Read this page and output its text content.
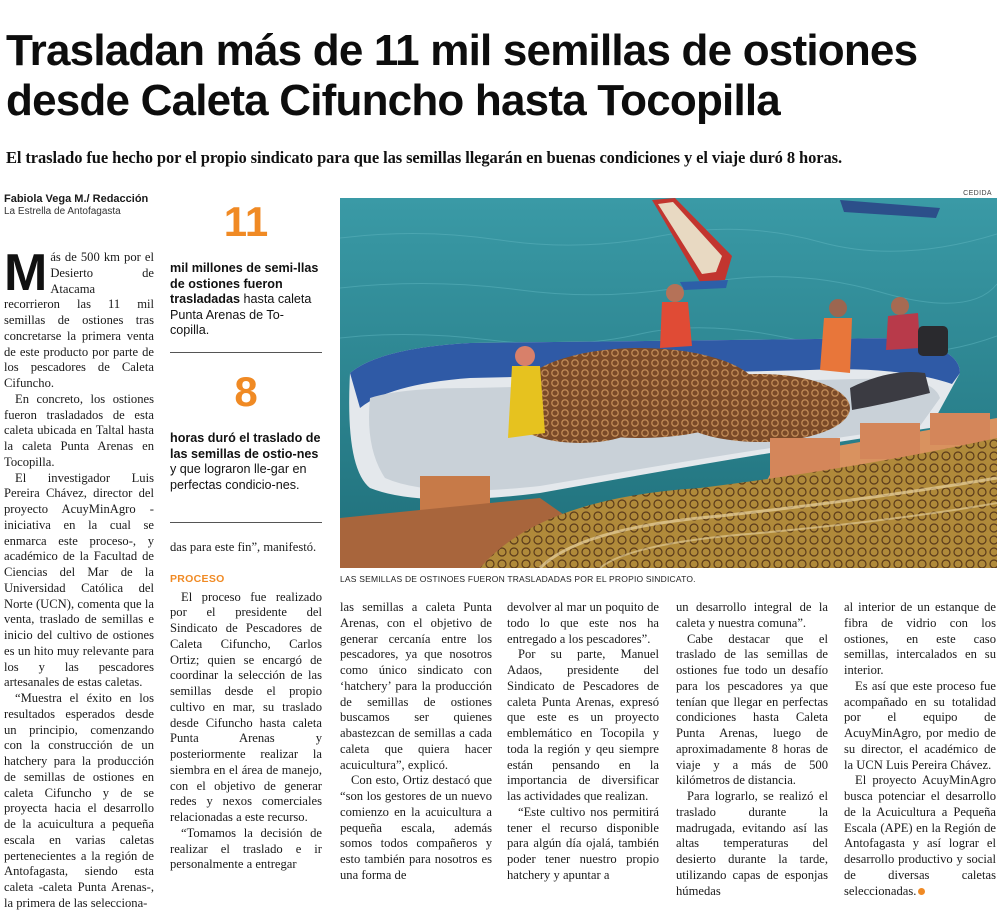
Trasladan más de 11 mil semillas de ostiones
desde Caleta Cifuncho hasta Tocopilla
El traslado fue hecho por el propio sindicato para que las semillas llegarán en buenas condiciones y el viaje duró 8 horas.
Fabiola Vega M./ Redacción
La Estrella de Antofagasta
CEDIDA
LAS SEMILLAS DE OSTINOES FUERON TRASLADADAS POR EL PROPIO SINDICATO.

Más de 500 km por el Desierto de Atacama recorrieron las 11 mil semillas de ostiones tras concretarse la primera venta de este producto por parte de los pescadores de Caleta Cifuncho.

En concreto, los ostiones fueron trasladados de esta caleta ubicada en Taltal hasta la caleta Punta Arenas en Tocopilla.

El investigador Luis Pereira Chávez, director del proyecto AcuyMinAgro -iniciativa en la cual se enmarca este proceso-, y académico de la Facultad de Ciencias del Mar de la Universidad Católica del Norte (UCN), comenta que la venta, traslado de semillas e inicio del cultivo de ostiones es un hito muy relevante para los y las pescadores artesanales de estas caletas.

“Muestra el éxito en los resultados esperados desde un principio, comenzando con la construcción de un hatchery para la producción de semillas de ostiones en caleta Cifuncho y de se proyecta hacia el desarrollo de la acuicultura a pequeña escala en varias caletas pertenecientes a la región de Antofagasta, siendo esta caleta -caleta Punta Arenas-, la primera de las selecciona-

11
mil millones de semi-llas de ostiones fueron trasladadas hasta caleta Punta Arenas de To-copilla.
8
horas duró el traslado de las semillas de ostio-nes y que lograron lle-gar en perfectas condicio-nes.

das para este fin”, manifestó.

PROCESO

El proceso fue realizado por el presidente del Sindicato de Pescadores de Caleta Cifuncho, Carlos Ortiz; quien se encargó de coordinar la selección de las semillas desde el propio cultivo en mar, su traslado desde Cifuncho hasta caleta Punta Arenas y posteriormente realizar la siembra en el área de manejo, con el objetivo de generar redes y nexos comerciales relacionadas a este recurso.

“Tomamos la decisión de realizar el traslado e ir personalmente a entregar

las semillas a caleta Punta Arenas, con el objetivo de generar cercanía entre los pescadores, ya que nosotros como único sindicato con ‘hatchery’ para la producción de semillas de ostiones buscamos ser quienes abastezcan de semillas a cada caleta que quiera hacer acuicultura”, explicó.

Con esto, Ortiz destacó que “son los gestores de un nuevo comienzo en la acuicultura a pequeña escala, además somos todos compañeros y esto también para nosotros es una forma de

devolver al mar un poquito de todo lo que este nos ha entregado a los pescadores”.

Por su parte, Manuel Adaos, presidente del Sindicato de Pescadores de caleta Punta Arenas, expresó que este es un proyecto emblemático en Tocopila y toda la región y qeu siempre están pensando en la importancia de diversificar las actividades que realizan.

“Este cultivo nos permitirá tener el recurso disponible para algún día ojalá, también poder tener nuestro propio hatchery y apuntar a

un desarrollo integral de la caleta y nuestra comuna”.

Cabe destacar que el traslado de las semillas de ostiones fue todo un desafío para los pescadores ya que tenían que llegar en perfectas condiciones hasta Caleta Punta Arenas, luego de aproximadamente 8 horas de viaje y a más de 500 kilómetros de distancia.

Para lograrlo, se realizó el traslado durante la madrugada, evitando así las altas temperaturas del desierto durante la tarde, utilizando capas de esponjas húmedas

al interior de un estanque de fibra de vidrio con los ostiones, en este caso semillas, intercalados en su interior.

Es así que este proceso fue acompañado en su totalidad por el equipo de AcuyMinAgro, por medio de su director, el académico de la UCN Luis Pereira Chávez.

El proyecto AcuyMinAgro busca potenciar el desarrollo de la Acuicultura a Pequeña Escala (APE) en la Región de Antofagasta y así lograr el desarrollo productivo y social de diversas caletas seleccionadas.
